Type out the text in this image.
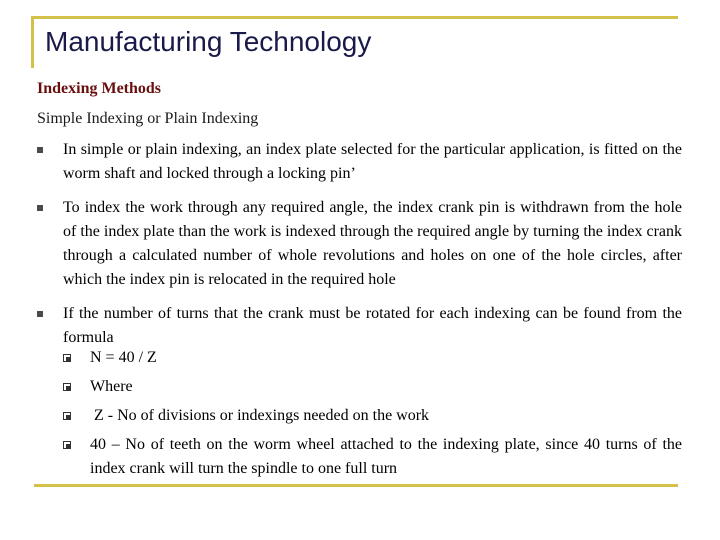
Manufacturing Technology
Indexing Methods
Simple Indexing or Plain Indexing
In simple or plain indexing, an index plate selected for the particular application, is fitted on the worm shaft and locked through a locking pin’
To index the work through any required angle, the index crank pin is withdrawn from the hole of the index plate than the work is indexed through the required angle by turning the index crank through a calculated number of whole revolutions and holes on one of the hole circles, after which the index pin is relocated in the required hole
If the number of turns that the crank must be rotated for each indexing can be found from the formula
N = 40 / Z
Where
Z - No of divisions or indexings needed on the work
40 – No of teeth on the worm wheel attached to the indexing plate, since 40 turns of the index crank will turn the spindle to one full turn
